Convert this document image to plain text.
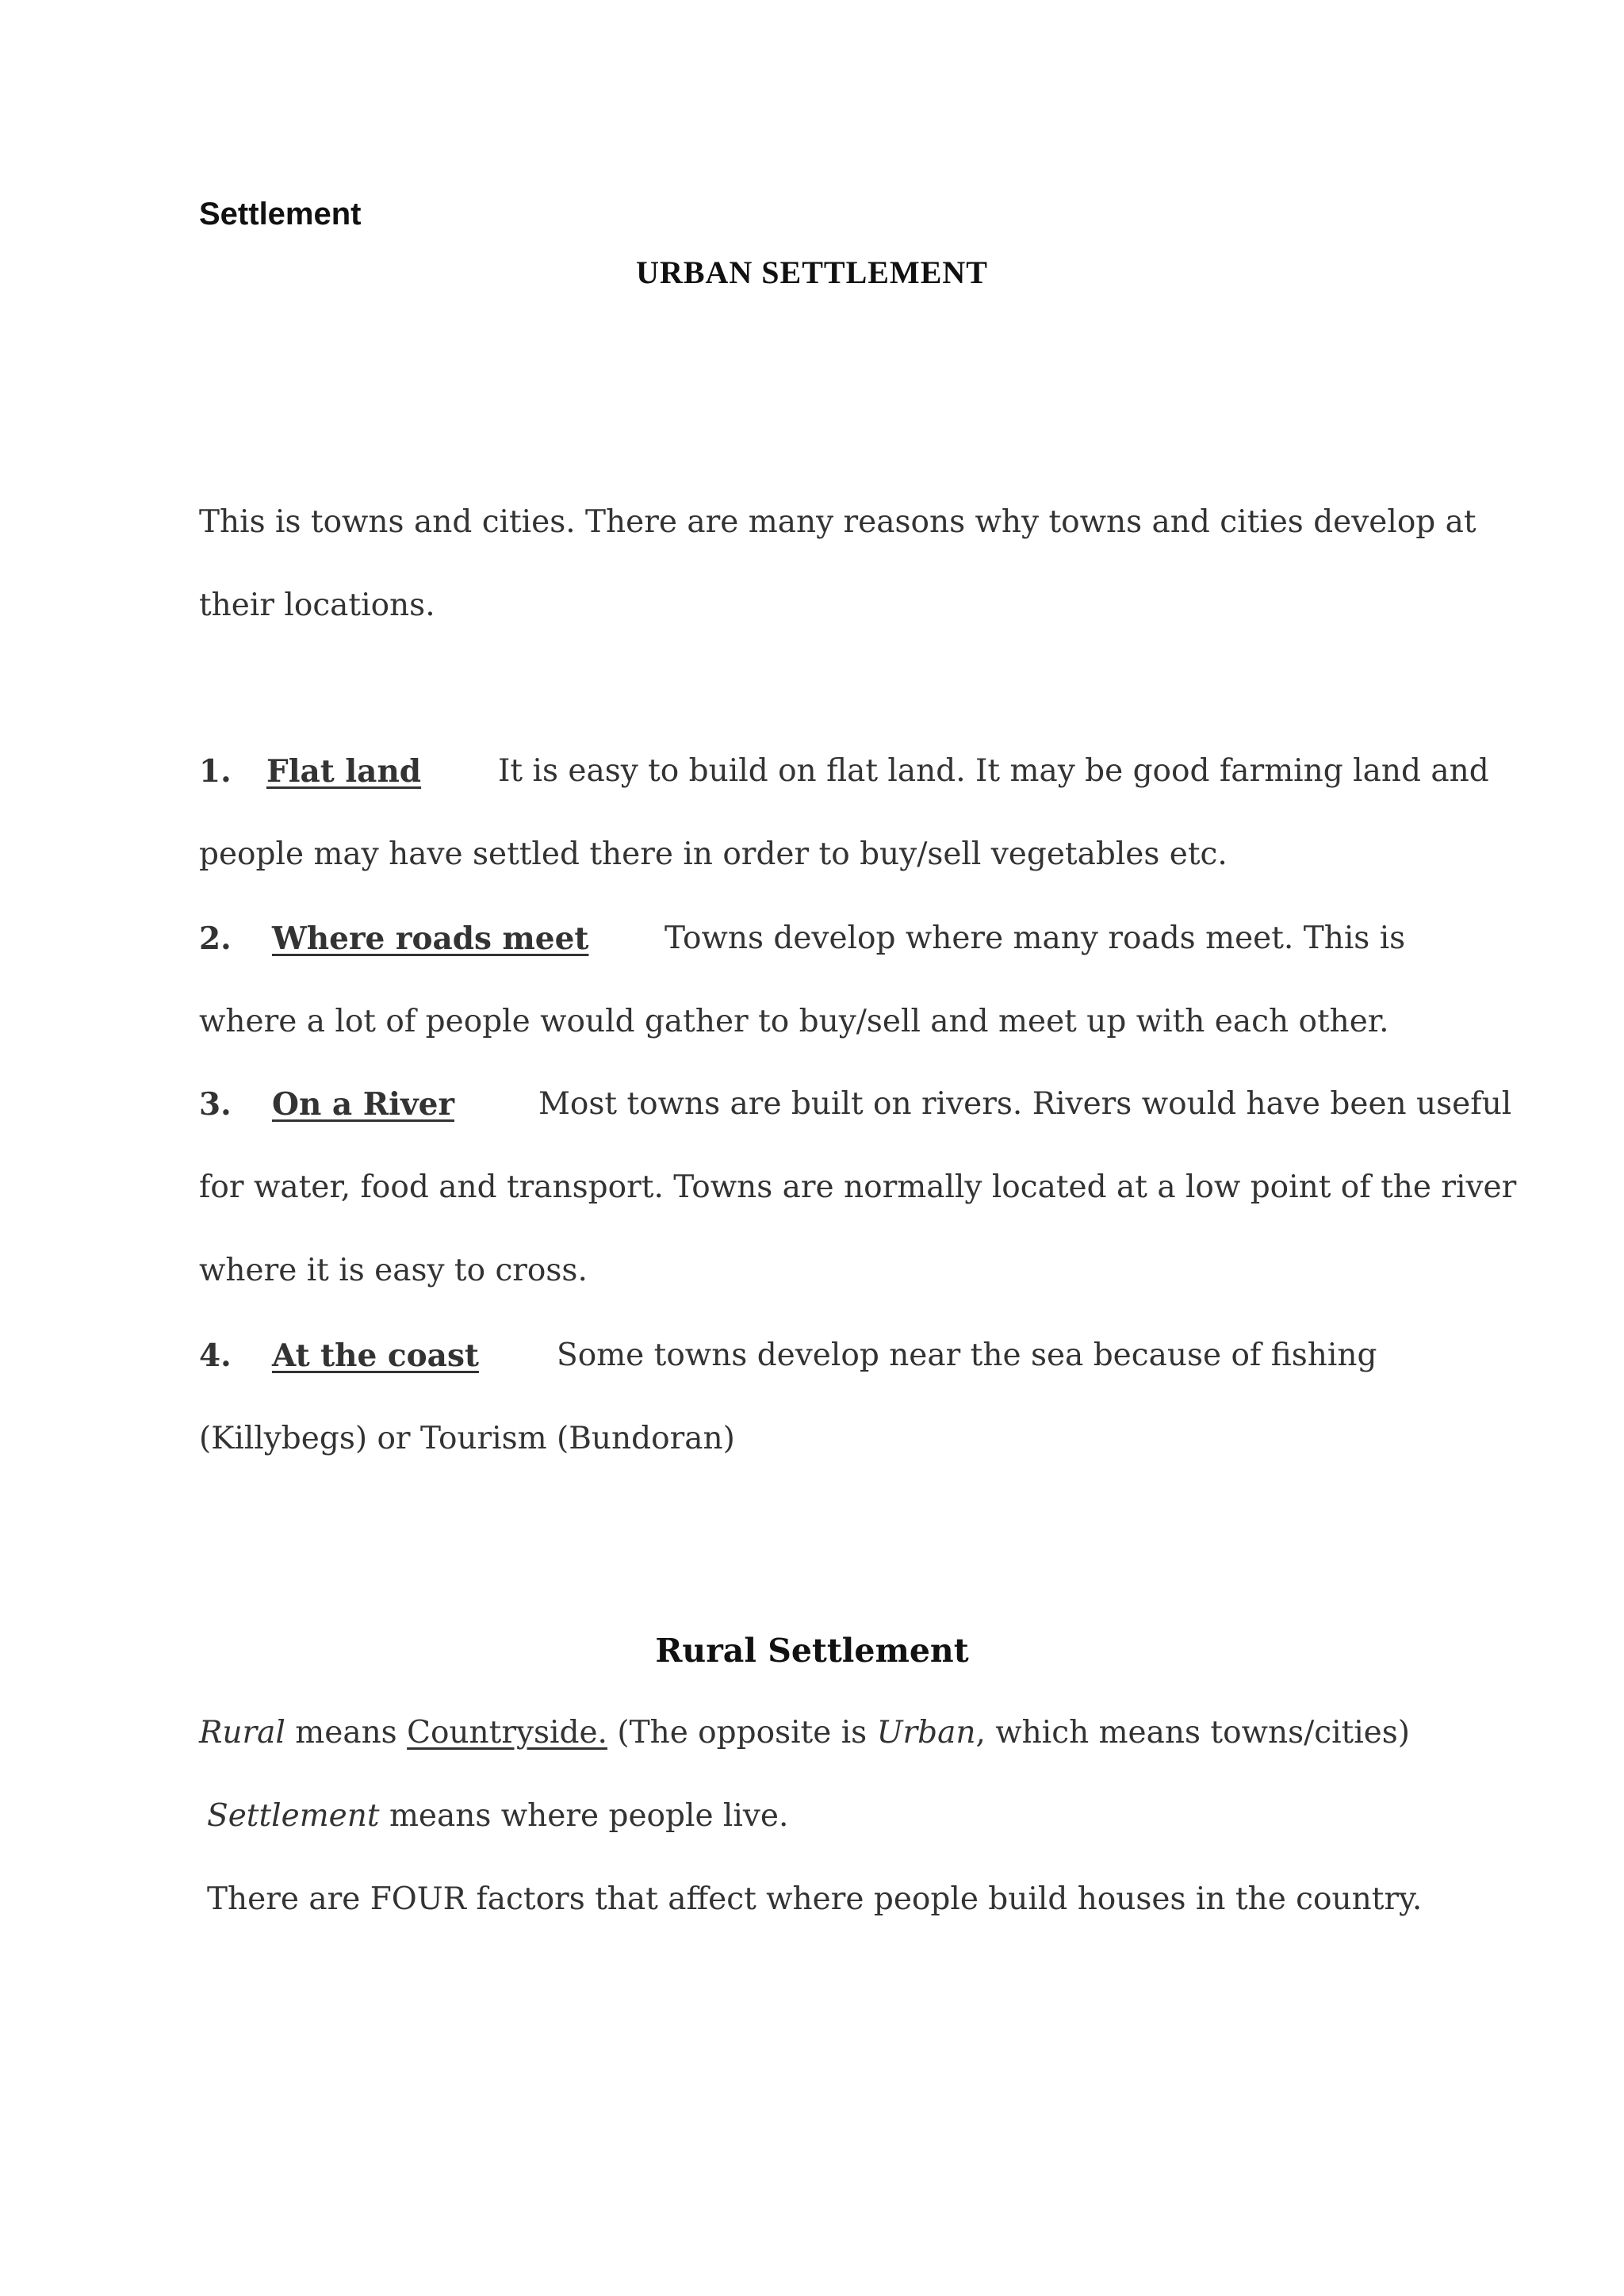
Settlement
URBAN SETTLEMENT
This is towns and cities. There are many reasons why towns and cities develop at
their locations.
1. Flat land It is easy to build on flat land. It may be good farming land and
people may have settled there in order to buy/sell vegetables etc.
2. Where roads meet Towns develop where many roads meet. This is
where a lot of people would gather to buy/sell and meet up with each other.
3. On a River	Most towns are built on rivers. Rivers would have been useful
for water, food and transport. Towns are normally located at a low point of the river
where it is easy to cross.
4. At the coast	Some towns develop near the sea because of fishing
(Killybegs) or Tourism (Bundoran)
Rural Settlement
Rural means Countryside. (The opposite is Urban, which means towns/cities)
Settlement means where people live.
There are FOUR factors that affect where people build houses in the country.
